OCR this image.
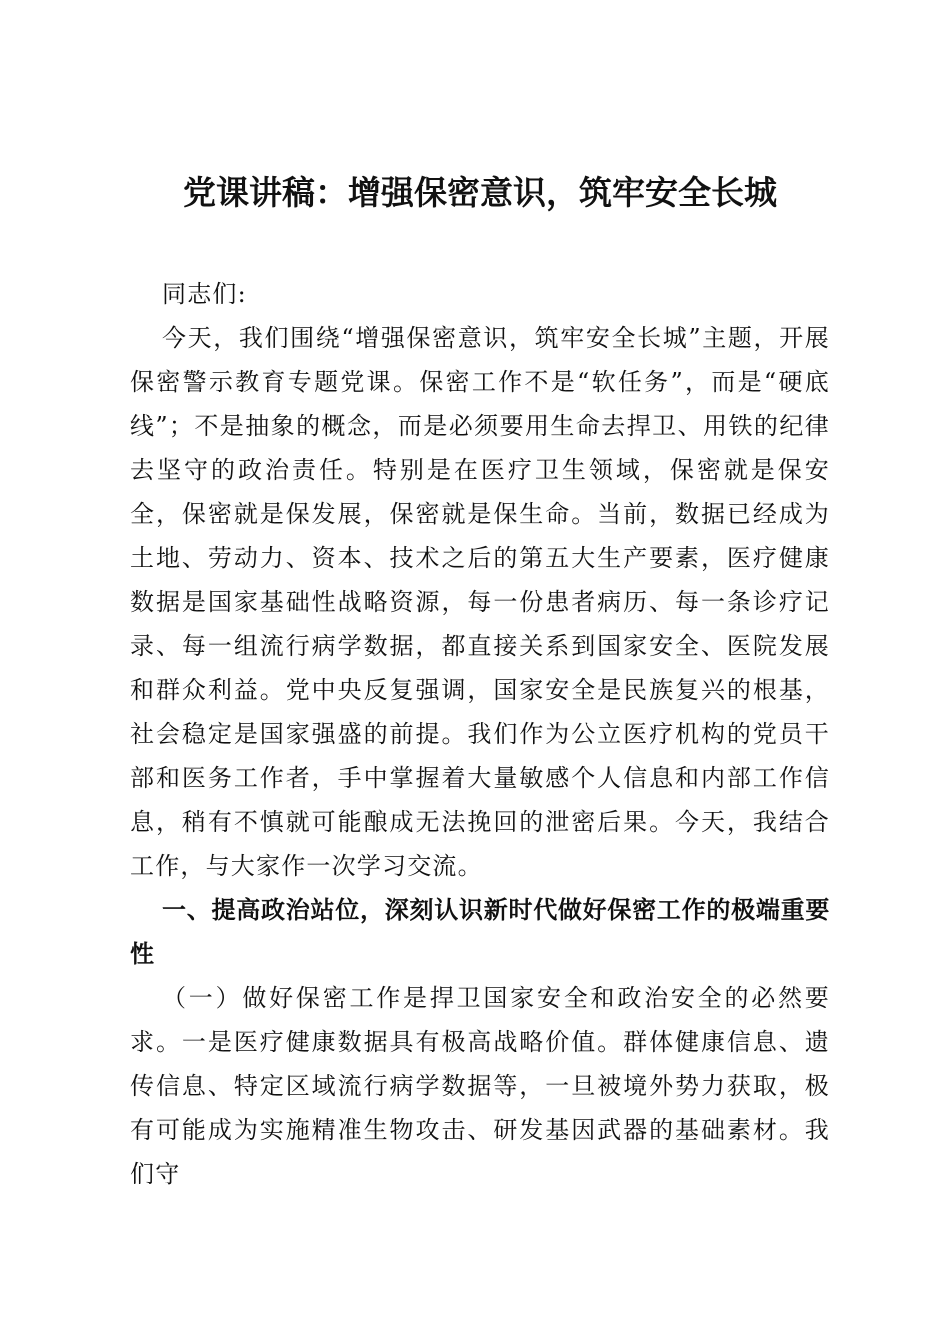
党课讲稿：增强保密意识，筑牢安全长城

同志们:

今天，我们围绕“增强保密意识，筑牢安全长城”主题，开展保密警示教育专题党课。保密工作不是“软任务”，而是“硬底线”；不是抽象的概念，而是必须要用生命去捍卫、用铁的纪律去坚守的政治责任。特别是在医疗卫生领域，保密就是保安全，保密就是保发展，保密就是保生命。当前，数据已经成为土地、劳动力、资本、技术之后的第五大生产要素，医疗健康数据是国家基础性战略资源，每一份患者病历、每一条诊疗记录、每一组流行病学数据，都直接关系到国家安全、医院发展和群众利益。党中央反复强调，国家安全是民族复兴的根基，社会稳定是国家强盛的前提。我们作为公立医疗机构的党员干部和医务工作者，手中掌握着大量敏感个人信息和内部工作信息，稍有不慎就可能酿成无法挽回的泄密后果。今天，我结合工作，与大家作一次学习交流。

一、提高政治站位，深刻认识新时代做好保密工作的极端重要性

（一）做好保密工作是捍卫国家安全和政治安全的必然要求。一是医疗健康数据具有极高战略价值。群体健康信息、遗传信息、特定区域流行病学数据等，一旦被境外势力获取，极有可能成为实施精准生物攻击、研发基因武器的基础素材。我们守
